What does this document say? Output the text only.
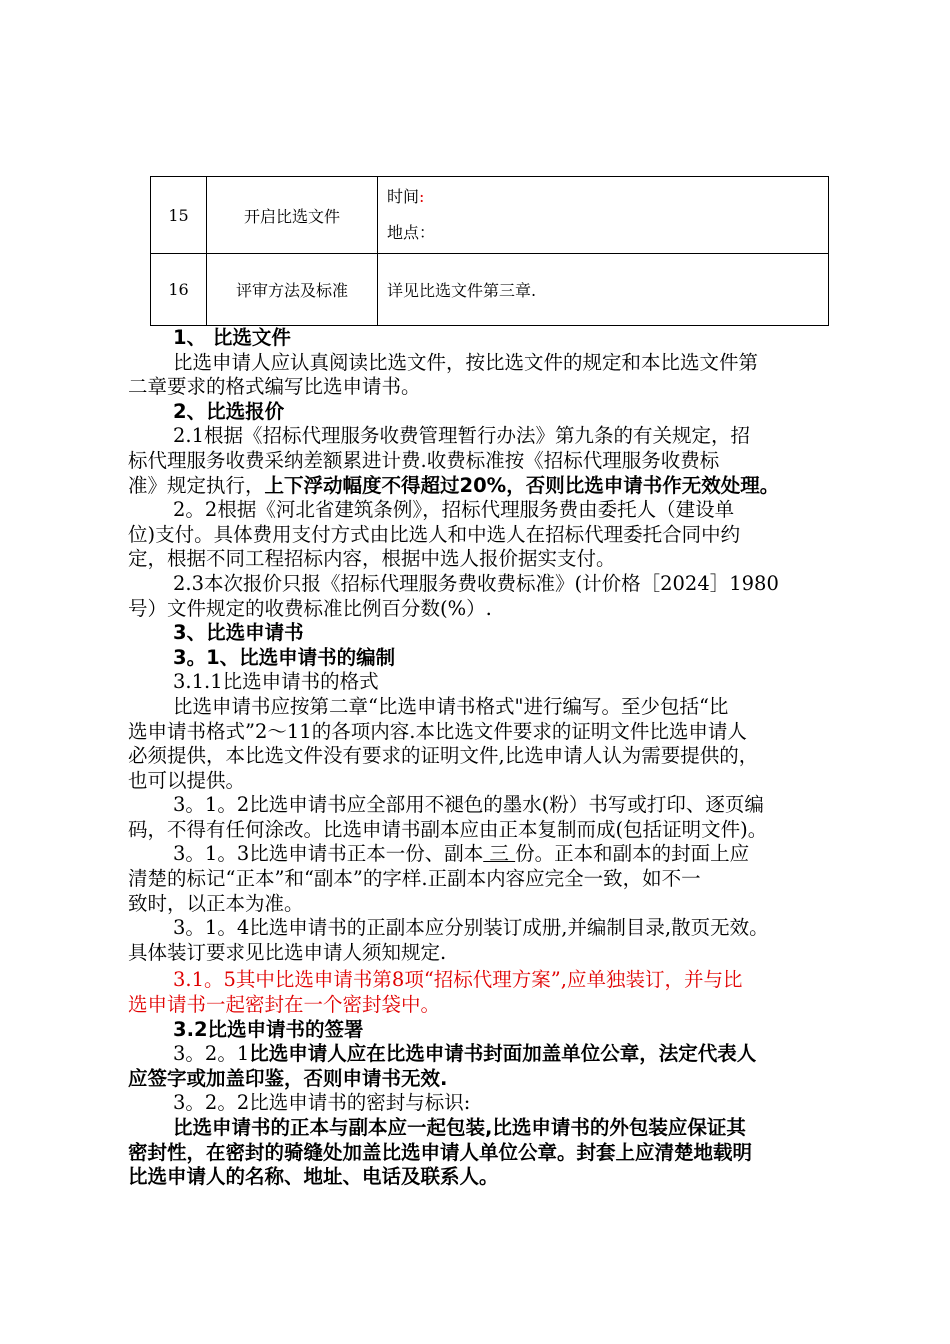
15	开启比选文件	时间:
地点：

16	评审方法及标准	详见比选文件第三章.

1、 比选文件

比选申请人应认真阅读比选文件，按比选文件的规定和本比选文件第

二章要求的格式编写比选申请书。

2、比选报价

2.1根据《招标代理服务收费管理暂行办法》第九条的有关规定，招

标代理服务收费采纳差额累进计费.收费标准按《招标代理服务收费标

准》规定执行，上下浮动幅度不得超过20%，否则比选申请书作无效处理。

2。2根据《河北省建筑条例》，招标代理服务费由委托人（建设单

位)支付。具体费用支付方式由比选人和中选人在招标代理委托合同中约

定，根据不同工程招标内容，根据中选人报价据实支付。

2.3本次报价只报《招标代理服务费收费标准》(计价格［2024］1980

号）文件规定的收费标准比例百分数(%）.

3、比选申请书

3。1、比选申请书的编制

3.1.1比选申请书的格式

比选申请书应按第二章“比选申请书格式"进行编写。至少包括“比

选申请书格式”2～11的各项内容.本比选文件要求的证明文件比选申请人

必须提供，本比选文件没有要求的证明文件,比选申请人认为需要提供的，

也可以提供。

3。1。2比选申请书应全部用不褪色的墨水(粉）书写或打印、逐页编

码，不得有任何涂改。比选申请书副本应由正本复制而成(包括证明文件)。

3。1。3比选申请书正本一份、副本 三 份。正本和副本的封面上应

清楚的标记“正本”和“副本”的字样.正副本内容应完全一致，如不一

致时，以正本为准。

3。1。4比选申请书的正副本应分别装订成册,并编制目录,散页无效。

具体装订要求见比选申请人须知规定.

3.1。5其中比选申请书第8项“招标代理方案”,应单独装订，并与比

选申请书一起密封在一个密封袋中。

3.2比选申请书的签署

3。2。1比选申请人应在比选申请书封面加盖单位公章，法定代表人

应签字或加盖印鉴，否则申请书无效.

3。2。2比选申请书的密封与标识:

比选申请书的正本与副本应一起包装,比选申请书的外包装应保证其

密封性，在密封的骑缝处加盖比选申请人单位公章。封套上应清楚地载明

比选申请人的名称、地址、电话及联系人。
